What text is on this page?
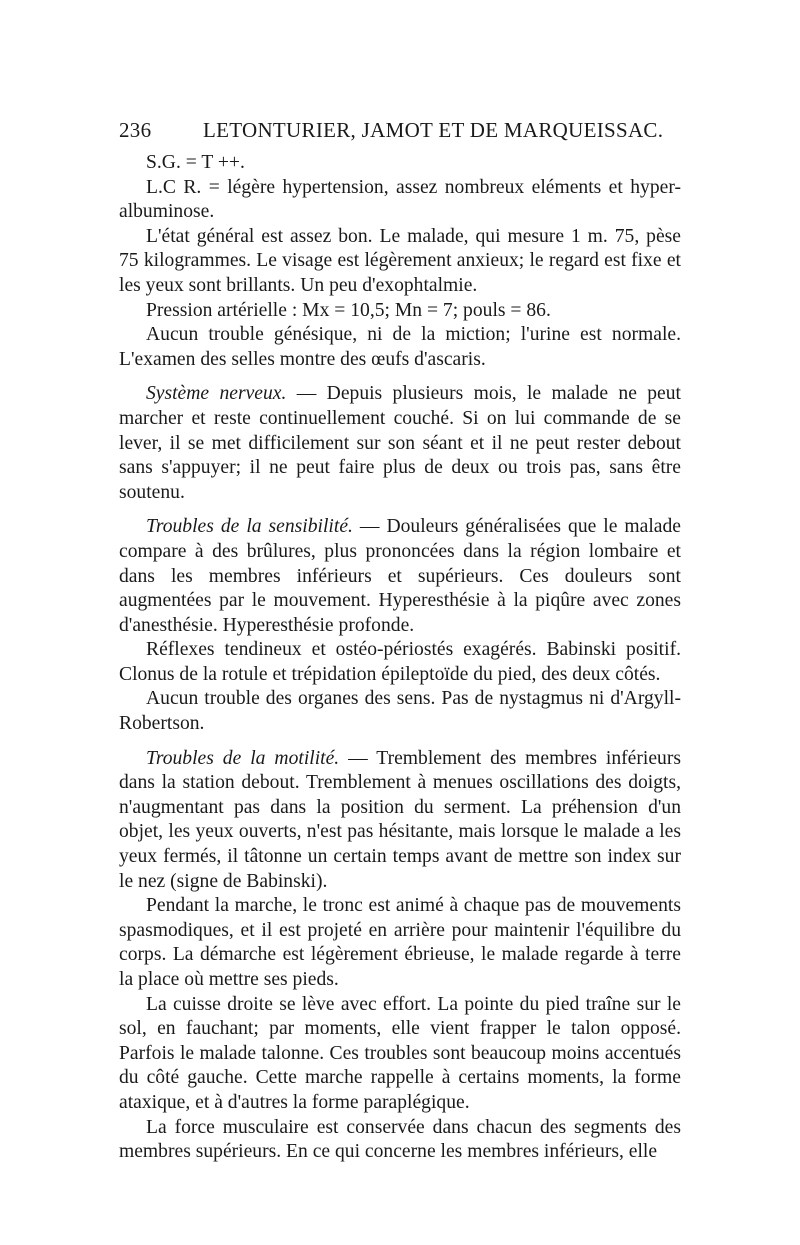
236 LETONTURIER, JAMOT ET DE MARQUEISSAC.

S.G. = T ++.

L.C R. = légère hypertension, assez nombreux eléments et hyper-albuminose.

L'état général est assez bon. Le malade, qui mesure 1 m. 75, pèse 75 kilogrammes. Le visage est légèrement anxieux; le regard est fixe et les yeux sont brillants. Un peu d'exophtalmie.

Pression artérielle : Mx = 10,5; Mn = 7; pouls = 86.

Aucun trouble génésique, ni de la miction; l'urine est normale. L'examen des selles montre des œufs d'ascaris.

Système nerveux. — Depuis plusieurs mois, le malade ne peut marcher et reste continuellement couché. Si on lui commande de se lever, il se met difficilement sur son séant et il ne peut rester debout sans s'appuyer; il ne peut faire plus de deux ou trois pas, sans être soutenu.

Troubles de la sensibilité. — Douleurs généralisées que le malade compare à des brûlures, plus prononcées dans la région lombaire et dans les membres inférieurs et supérieurs. Ces douleurs sont augmentées par le mouvement. Hyperesthésie à la piqûre avec zones d'anesthésie. Hyperesthésie profonde.

Réflexes tendineux et ostéo-périostés exagérés. Babinski positif. Clonus de la rotule et trépidation épileptoïde du pied, des deux côtés.

Aucun trouble des organes des sens. Pas de nystagmus ni d'Argyll-Robertson.

Troubles de la motilité. — Tremblement des membres inférieurs dans la station debout. Tremblement à menues oscillations des doigts, n'augmentant pas dans la position du serment. La préhension d'un objet, les yeux ouverts, n'est pas hésitante, mais lorsque le malade a les yeux fermés, il tâtonne un certain temps avant de mettre son index sur le nez (signe de Babinski).

Pendant la marche, le tronc est animé à chaque pas de mouvements spasmodiques, et il est projeté en arrière pour maintenir l'équilibre du corps. La démarche est légèrement ébrieuse, le malade regarde à terre la place où mettre ses pieds.

La cuisse droite se lève avec effort. La pointe du pied traîne sur le sol, en fauchant; par moments, elle vient frapper le talon opposé. Parfois le malade talonne. Ces troubles sont beaucoup moins accentués du côté gauche. Cette marche rappelle à certains moments, la forme ataxique, et à d'autres la forme paraplégique.

La force musculaire est conservée dans chacun des segments des membres supérieurs. En ce qui concerne les membres inférieurs, elle
